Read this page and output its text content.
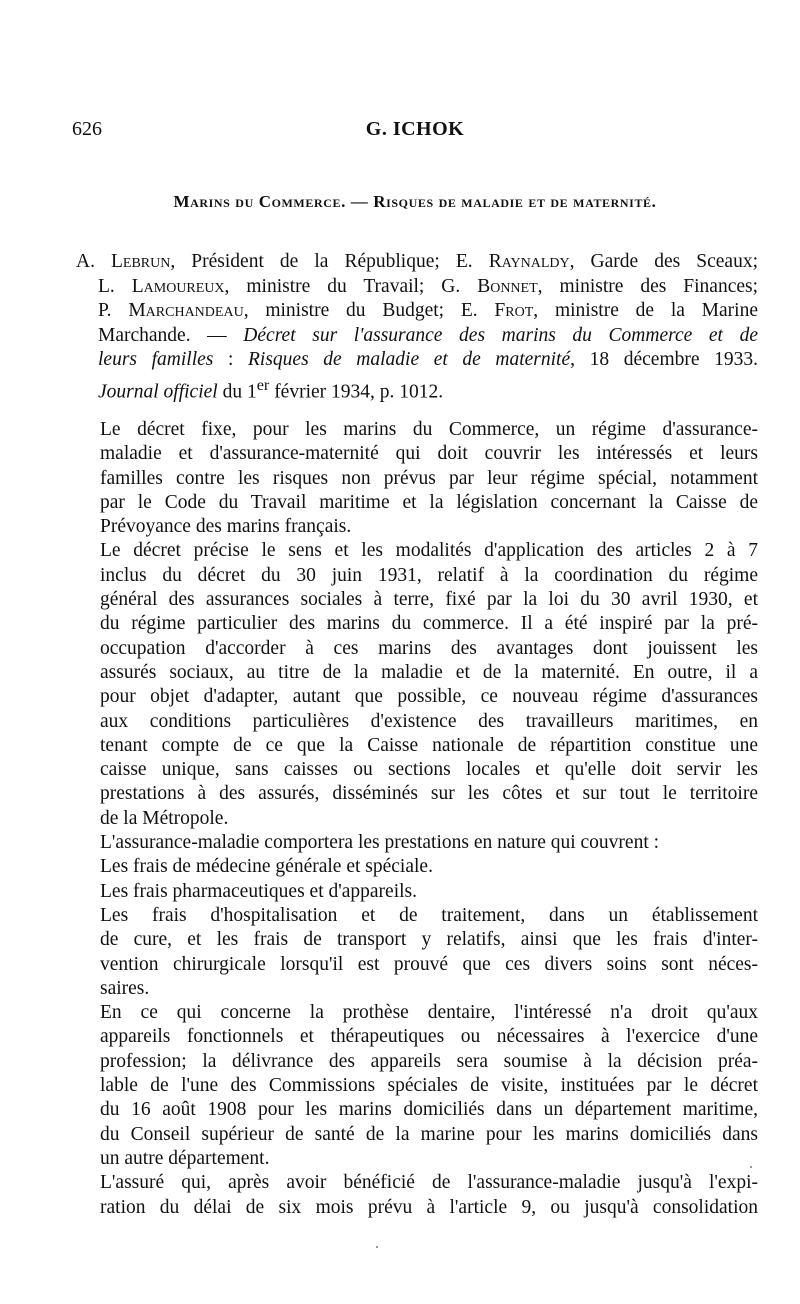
626	G. ICHOK
Marins du Commerce. — Risques de maladie et de maternité.
A. Lebrun, Président de la République; E. Raynaldy, Garde des Sceaux;
L. Lamoureux, ministre du Travail; G. Bonnet, ministre des Finances;
P. Marchandeau, ministre du Budget; E. Frot, ministre de la Marine
Marchande. — Décret sur l'assurance des marins du Commerce et de
leurs familles : Risques de maladie et de maternité, 18 décembre 1933.
Journal officiel du 1er février 1934, p. 1012.

Le décret fixe, pour les marins du Commerce, un régime d'assurance-
maladie et d'assurance-maternité qui doit couvrir les intéressés et leurs
familles contre les risques non prévus par leur régime spécial, notamment
par le Code du Travail maritime et la législation concernant la Caisse de
Prévoyance des marins français.

Le décret précise le sens et les modalités d'application des articles 2 à 7
inclus du décret du 30 juin 1931, relatif à la coordination du régime
général des assurances sociales à terre, fixé par la loi du 30 avril 1930, et
du régime particulier des marins du commerce. Il a été inspiré par la pré-
occupation d'accorder à ces marins des avantages dont jouissent les
assurés sociaux, au titre de la maladie et de la maternité. En outre, il a
pour objet d'adapter, autant que possible, ce nouveau régime d'assurances
aux conditions particulières d'existence des travailleurs maritimes, en
tenant compte de ce que la Caisse nationale de répartition constitue une
caisse unique, sans caisses ou sections locales et qu'elle doit servir les
prestations à des assurés, disséminés sur les côtes et sur tout le territoire
de la Métropole.

L'assurance-maladie comportera les prestations en nature qui couvrent :

Les frais de médecine générale et spéciale.

Les frais pharmaceutiques et d'appareils.

Les frais d'hospitalisation et de traitement, dans un établissement
de cure, et les frais de transport y relatifs, ainsi que les frais d'inter-
vention chirurgicale lorsqu'il est prouvé que ces divers soins sont néces-
saires.

En ce qui concerne la prothèse dentaire, l'intéressé n'a droit qu'aux
appareils fonctionnels et thérapeutiques ou nécessaires à l'exercice d'une
profession; la délivrance des appareils sera soumise à la décision préa-
lable de l'une des Commissions spéciales de visite, instituées par le décret
du 16 août 1908 pour les marins domiciliés dans un département maritime,
du Conseil supérieur de santé de la marine pour les marins domiciliés dans
un autre département.

L'assuré qui, après avoir bénéficié de l'assurance-maladie jusqu'à l'expi-
ration du délai de six mois prévu à l'article 9, ou jusqu'à consolidation
